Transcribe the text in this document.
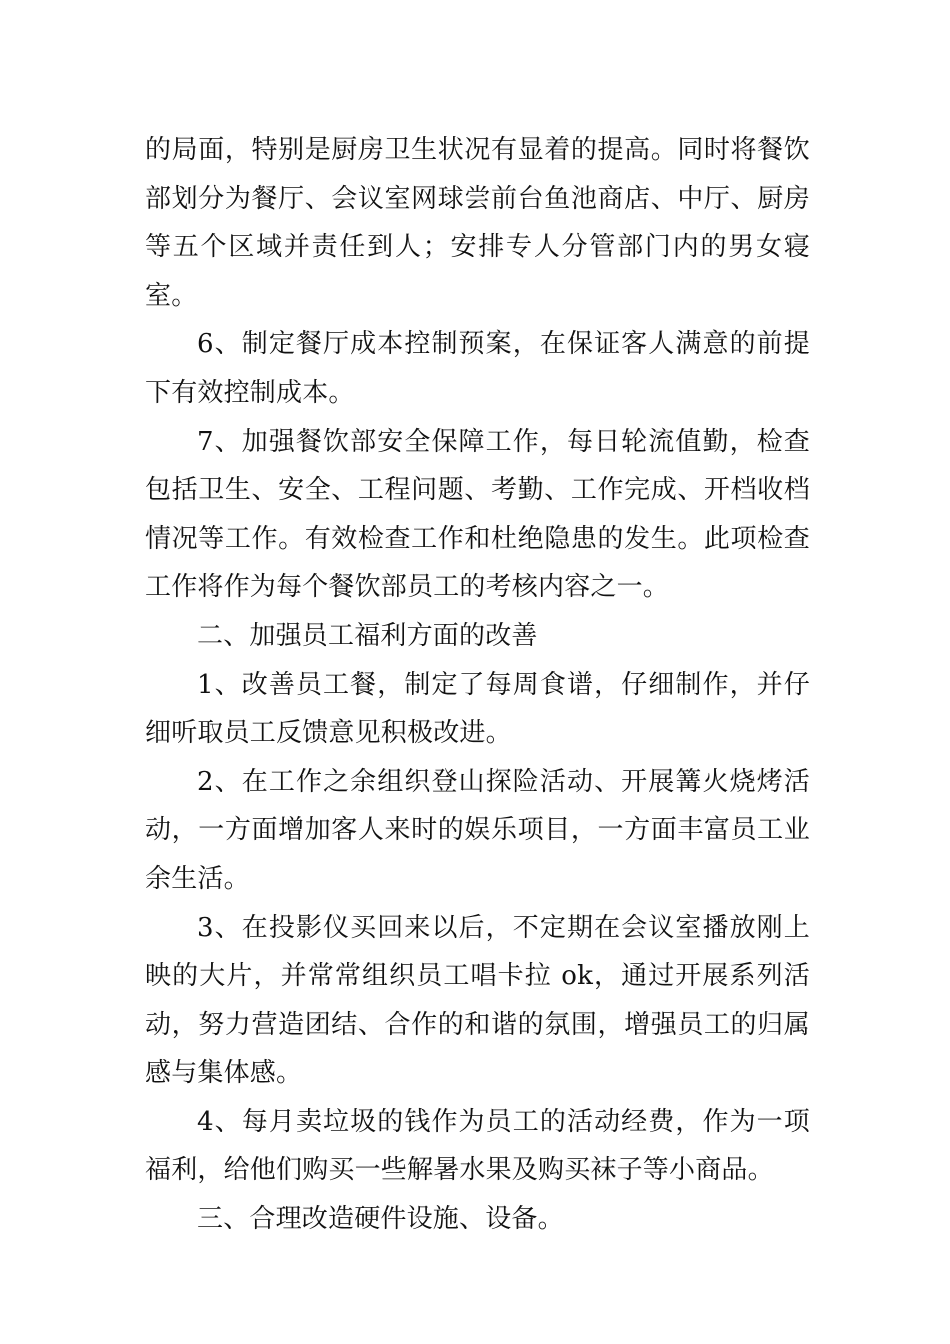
的局面，特别是厨房卫生状况有显着的提高。同时将餐饮部划分为餐厅、会议室网球尝前台鱼池商店、中厅、厨房等五个区域并责任到人；安排专人分管部门内的男女寝室。

6、制定餐厅成本控制预案，在保证客人满意的前提下有效控制成本。

7、加强餐饮部安全保障工作，每日轮流值勤，检查包括卫生、安全、工程问题、考勤、工作完成、开档收档情况等工作。有效检查工作和杜绝隐患的发生。此项检查工作将作为每个餐饮部员工的考核内容之一。

二、加强员工福利方面的改善

1、改善员工餐，制定了每周食谱，仔细制作，并仔细听取员工反馈意见积极改进。

2、在工作之余组织登山探险活动、开展篝火烧烤活动，一方面增加客人来时的娱乐项目，一方面丰富员工业余生活。

3、在投影仪买回来以后，不定期在会议室播放刚上映的大片，并常常组织员工唱卡拉 ok，通过开展系列活动，努力营造团结、合作的和谐的氛围，增强员工的归属感与集体感。

4、每月卖垃圾的钱作为员工的活动经费，作为一项福利，给他们购买一些解暑水果及购买袜子等小商品。

三、合理改造硬件设施、设备。
